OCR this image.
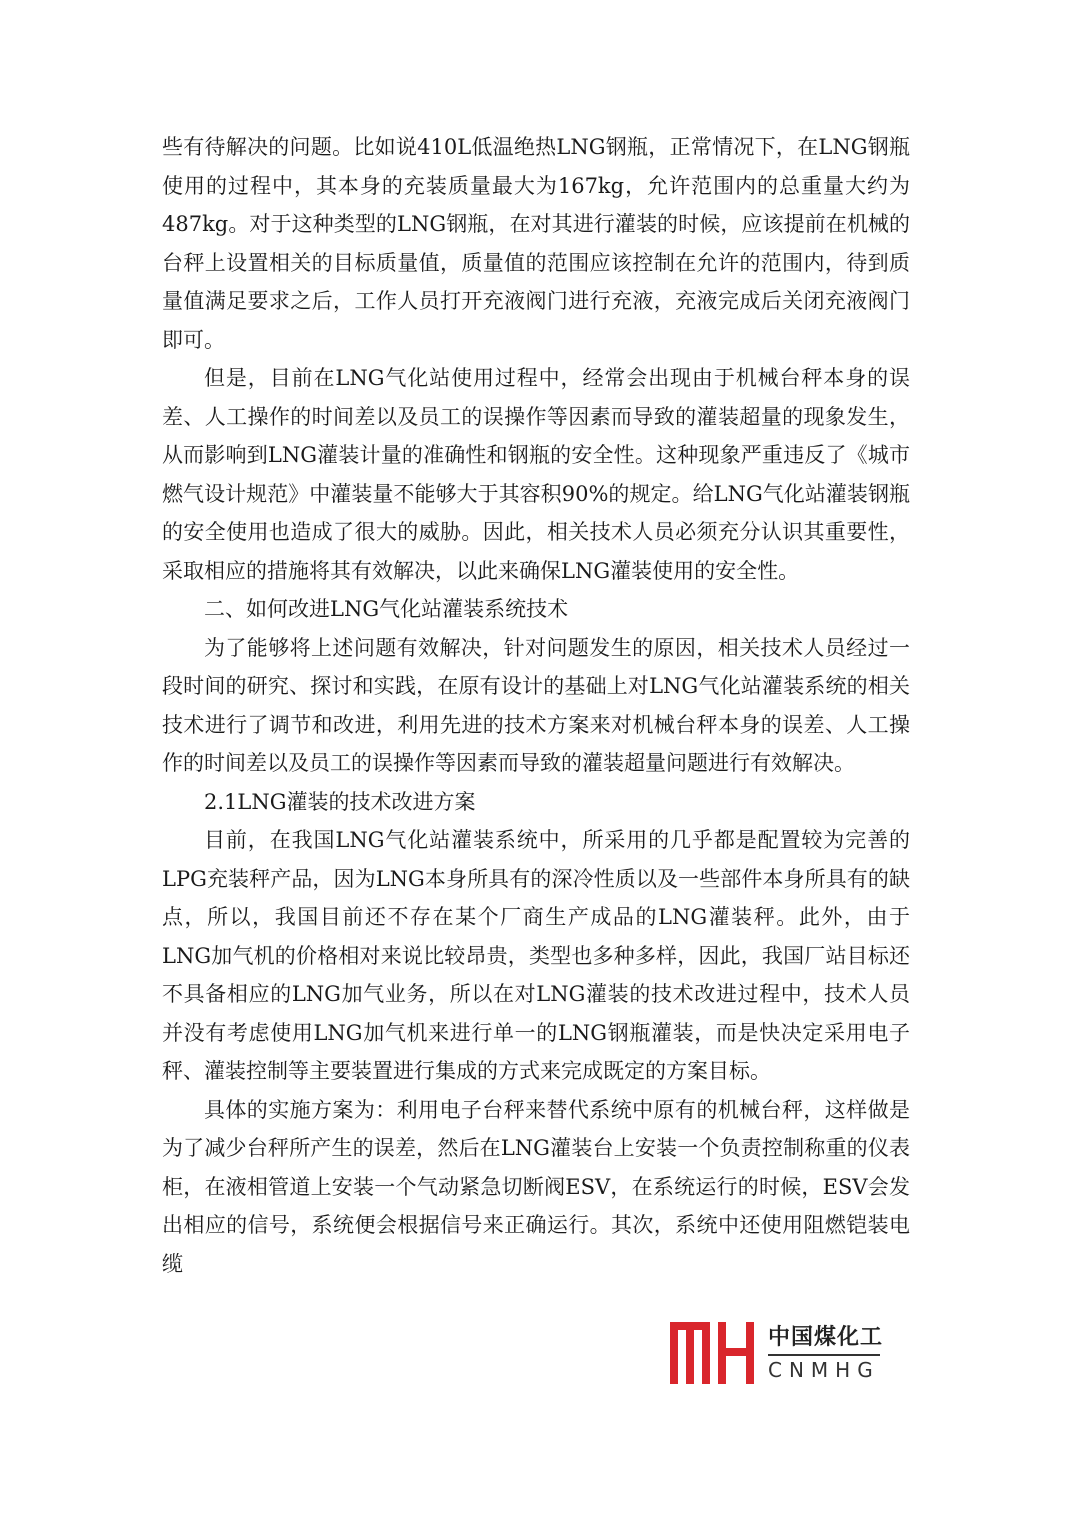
些有待解决的问题。比如说410L低温绝热LNG钢瓶，正常情况下，在LNG钢瓶使用的过程中，其本身的充装质量最大为167kg，允许范围内的总重量大约为487kg。对于这种类型的LNG钢瓶，在对其进行灌装的时候，应该提前在机械的台秤上设置相关的目标质量值，质量值的范围应该控制在允许的范围内，待到质量值满足要求之后，工作人员打开充液阀门进行充液，充液完成后关闭充液阀门即可。

但是，目前在LNG气化站使用过程中，经常会出现由于机械台秤本身的误差、人工操作的时间差以及员工的误操作等因素而导致的灌装超量的现象发生，从而影响到LNG灌装计量的准确性和钢瓶的安全性。这种现象严重违反了《城市燃气设计规范》中灌装量不能够大于其容积90%的规定。给LNG气化站灌装钢瓶的安全使用也造成了很大的威胁。因此，相关技术人员必须充分认识其重要性，采取相应的措施将其有效解决，以此来确保LNG灌装使用的安全性。

二、如何改进LNG气化站灌装系统技术

为了能够将上述问题有效解决，针对问题发生的原因，相关技术人员经过一段时间的研究、探讨和实践，在原有设计的基础上对LNG气化站灌装系统的相关技术进行了调节和改进，利用先进的技术方案来对机械台秤本身的误差、人工操作的时间差以及员工的误操作等因素而导致的灌装超量问题进行有效解决。

2.1LNG灌装的技术改进方案

目前，在我国LNG气化站灌装系统中，所采用的几乎都是配置较为完善的LPG充装秤产品，因为LNG本身所具有的深冷性质以及一些部件本身所具有的缺点，所以，我国目前还不存在某个厂商生产成品的LNG灌装秤。此外，由于LNG加气机的价格相对来说比较昂贵，类型也多种多样，因此，我国厂站目标还不具备相应的LNG加气业务，所以在对LNG灌装的技术改进过程中，技术人员并没有考虑使用LNG加气机来进行单一的LNG钢瓶灌装，而是快决定采用电子秤、灌装控制等主要装置进行集成的方式来完成既定的方案目标。

具体的实施方案为：利用电子台秤来替代系统中原有的机械台秤，这样做是为了减少台秤所产生的误差，然后在LNG灌装台上安装一个负责控制称重的仪表柜，在液相管道上安装一个气动紧急切断阀ESV，在系统运行的时候，ESV会发出相应的信号，系统便会根据信号来正确运行。其次，系统中还使用阻燃铠装电缆

中国煤化工
CNMHG
